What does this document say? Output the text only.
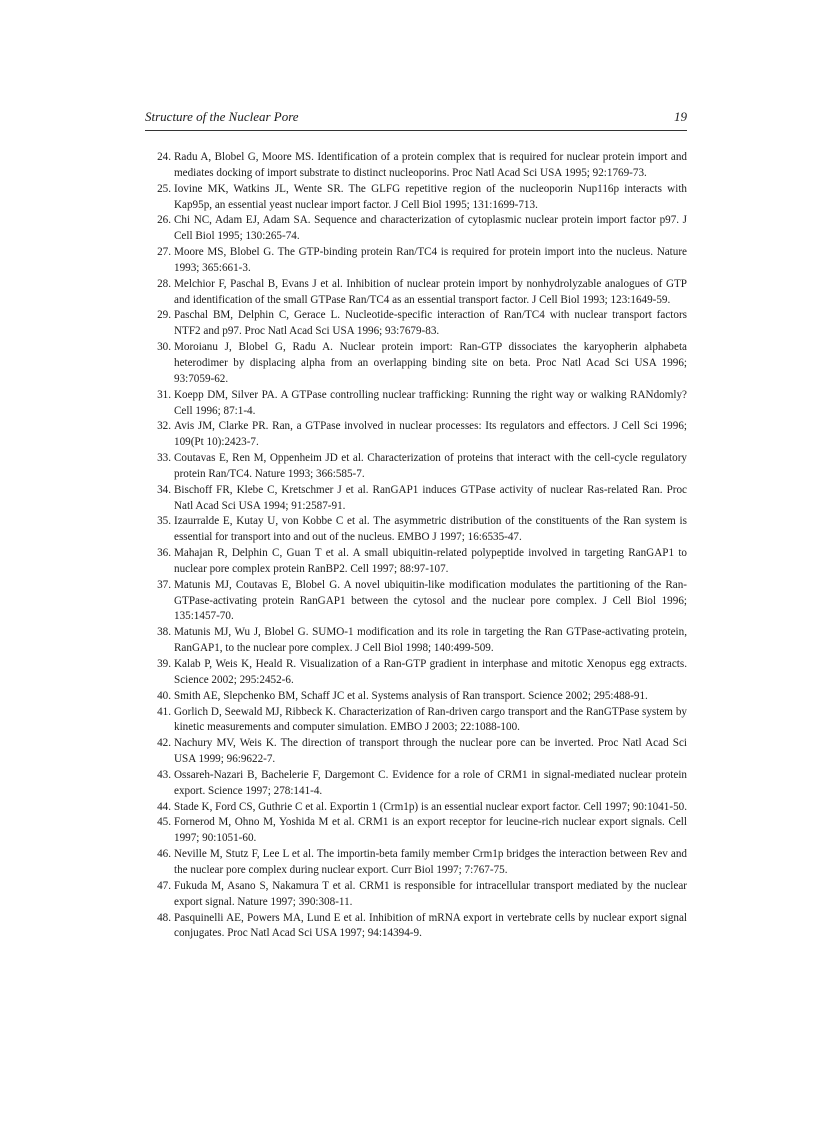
Structure of the Nuclear Pore	19
24. Radu A, Blobel G, Moore MS. Identification of a protein complex that is required for nuclear protein import and mediates docking of import substrate to distinct nucleoporins. Proc Natl Acad Sci USA 1995; 92:1769-73.
25. Iovine MK, Watkins JL, Wente SR. The GLFG repetitive region of the nucleoporin Nup116p interacts with Kap95p, an essential yeast nuclear import factor. J Cell Biol 1995; 131:1699-713.
26. Chi NC, Adam EJ, Adam SA. Sequence and characterization of cytoplasmic nuclear protein import factor p97. J Cell Biol 1995; 130:265-74.
27. Moore MS, Blobel G. The GTP-binding protein Ran/TC4 is required for protein import into the nucleus. Nature 1993; 365:661-3.
28. Melchior F, Paschal B, Evans J et al. Inhibition of nuclear protein import by nonhydrolyzable analogues of GTP and identification of the small GTPase Ran/TC4 as an essential transport factor. J Cell Biol 1993; 123:1649-59.
29. Paschal BM, Delphin C, Gerace L. Nucleotide-specific interaction of Ran/TC4 with nuclear transport factors NTF2 and p97. Proc Natl Acad Sci USA 1996; 93:7679-83.
30. Moroianu J, Blobel G, Radu A. Nuclear protein import: Ran-GTP dissociates the karyopherin alphabeta heterodimer by displacing alpha from an overlapping binding site on beta. Proc Natl Acad Sci USA 1996; 93:7059-62.
31. Koepp DM, Silver PA. A GTPase controlling nuclear trafficking: Running the right way or walking RANdomly? Cell 1996; 87:1-4.
32. Avis JM, Clarke PR. Ran, a GTPase involved in nuclear processes: Its regulators and effectors. J Cell Sci 1996; 109(Pt 10):2423-7.
33. Coutavas E, Ren M, Oppenheim JD et al. Characterization of proteins that interact with the cell-cycle regulatory protein Ran/TC4. Nature 1993; 366:585-7.
34. Bischoff FR, Klebe C, Kretschmer J et al. RanGAP1 induces GTPase activity of nuclear Ras-related Ran. Proc Natl Acad Sci USA 1994; 91:2587-91.
35. Izaurralde E, Kutay U, von Kobbe C et al. The asymmetric distribution of the constituents of the Ran system is essential for transport into and out of the nucleus. EMBO J 1997; 16:6535-47.
36. Mahajan R, Delphin C, Guan T et al. A small ubiquitin-related polypeptide involved in targeting RanGAP1 to nuclear pore complex protein RanBP2. Cell 1997; 88:97-107.
37. Matunis MJ, Coutavas E, Blobel G. A novel ubiquitin-like modification modulates the partitioning of the Ran-GTPase-activating protein RanGAP1 between the cytosol and the nuclear pore complex. J Cell Biol 1996; 135:1457-70.
38. Matunis MJ, Wu J, Blobel G. SUMO-1 modification and its role in targeting the Ran GTPase-activating protein, RanGAP1, to the nuclear pore complex. J Cell Biol 1998; 140:499-509.
39. Kalab P, Weis K, Heald R. Visualization of a Ran-GTP gradient in interphase and mitotic Xenopus egg extracts. Science 2002; 295:2452-6.
40. Smith AE, Slepchenko BM, Schaff JC et al. Systems analysis of Ran transport. Science 2002; 295:488-91.
41. Gorlich D, Seewald MJ, Ribbeck K. Characterization of Ran-driven cargo transport and the RanGTPase system by kinetic measurements and computer simulation. EMBO J 2003; 22:1088-100.
42. Nachury MV, Weis K. The direction of transport through the nuclear pore can be inverted. Proc Natl Acad Sci USA 1999; 96:9622-7.
43. Ossareh-Nazari B, Bachelerie F, Dargemont C. Evidence for a role of CRM1 in signal-mediated nuclear protein export. Science 1997; 278:141-4.
44. Stade K, Ford CS, Guthrie C et al. Exportin 1 (Crm1p) is an essential nuclear export factor. Cell 1997; 90:1041-50.
45. Fornerod M, Ohno M, Yoshida M et al. CRM1 is an export receptor for leucine-rich nuclear export signals. Cell 1997; 90:1051-60.
46. Neville M, Stutz F, Lee L et al. The importin-beta family member Crm1p bridges the interaction between Rev and the nuclear pore complex during nuclear export. Curr Biol 1997; 7:767-75.
47. Fukuda M, Asano S, Nakamura T et al. CRM1 is responsible for intracellular transport mediated by the nuclear export signal. Nature 1997; 390:308-11.
48. Pasquinelli AE, Powers MA, Lund E et al. Inhibition of mRNA export in vertebrate cells by nuclear export signal conjugates. Proc Natl Acad Sci USA 1997; 94:14394-9.
